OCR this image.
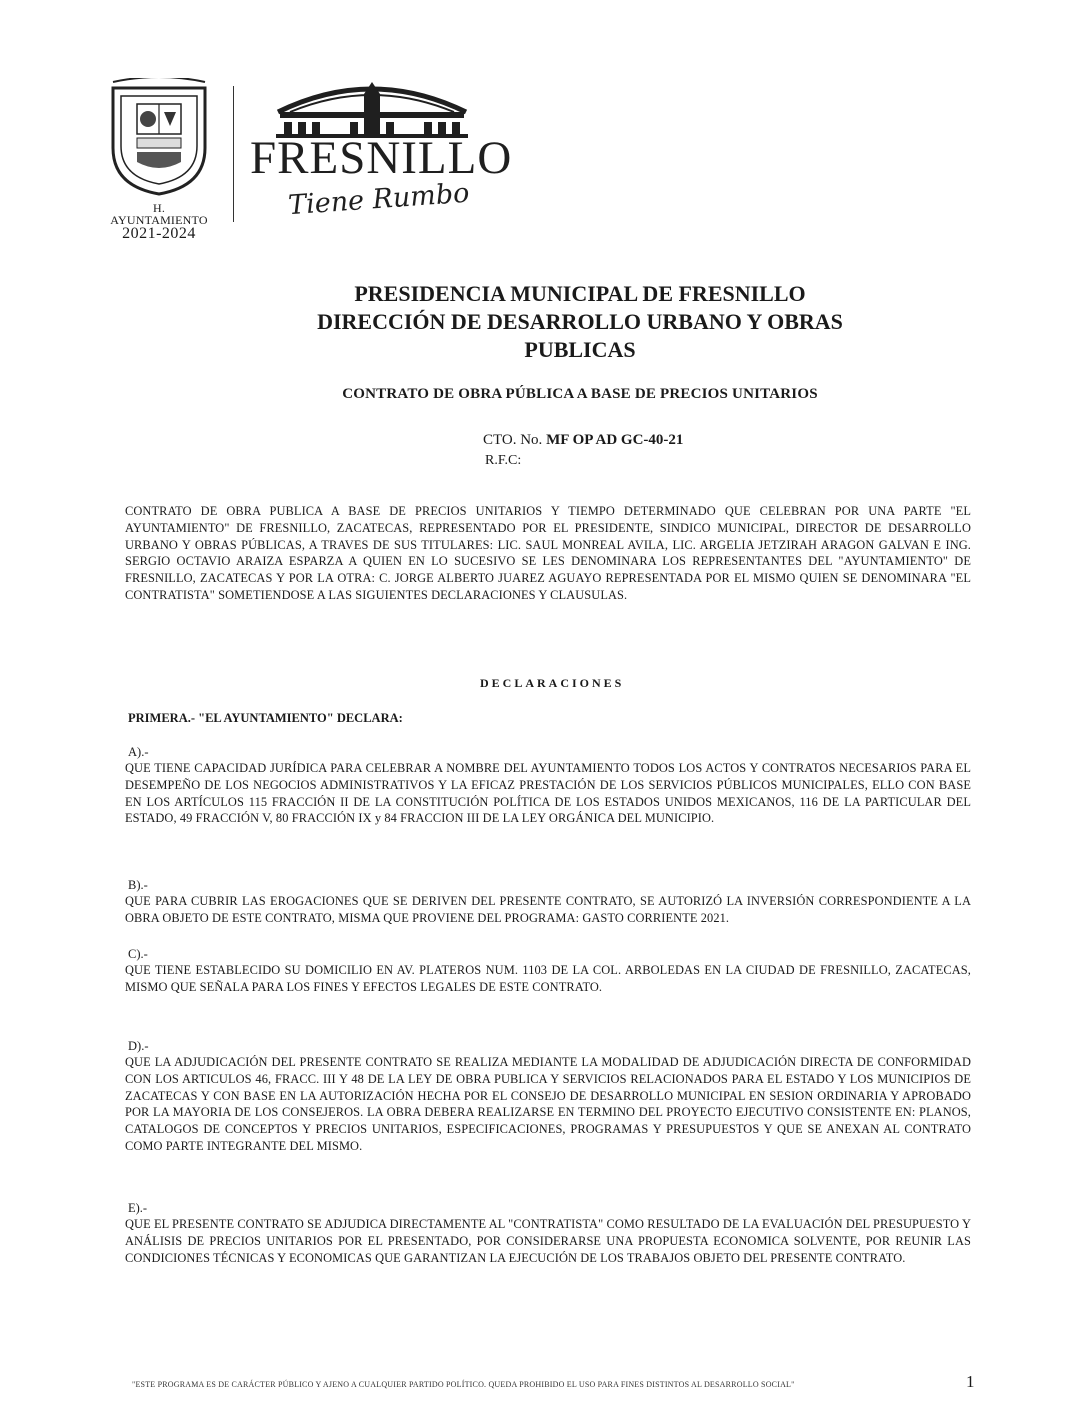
H. AYUNTAMIENTO
2021-2024
FRESNILLO
Tiene Rumbo
PRESIDENCIA MUNICIPAL DE FRESNILLO
DIRECCIÓN DE DESARROLLO URBANO Y OBRAS
PUBLICAS
CONTRATO DE OBRA PÚBLICA A BASE DE PRECIOS UNITARIOS
CTO. No. MF OP AD GC-40-21
R.F.C:
CONTRATO DE OBRA PUBLICA A BASE DE PRECIOS UNITARIOS Y TIEMPO DETERMINADO QUE CELEBRAN POR UNA PARTE "EL AYUNTAMIENTO" DE FRESNILLO, ZACATECAS, REPRESENTADO POR EL PRESIDENTE, SINDICO MUNICIPAL, DIRECTOR DE DESARROLLO URBANO Y OBRAS PÚBLICAS, A TRAVES DE SUS TITULARES: LIC. SAUL MONREAL AVILA, LIC. ARGELIA JETZIRAH ARAGON GALVAN E ING. SERGIO OCTAVIO ARAIZA ESPARZA A QUIEN EN LO SUCESIVO SE LES DENOMINARA LOS REPRESENTANTES DEL "AYUNTAMIENTO" DE FRESNILLO, ZACATECAS Y POR LA OTRA: C. JORGE ALBERTO JUAREZ AGUAYO REPRESENTADA POR EL MISMO QUIEN SE DENOMINARA "EL CONTRATISTA" SOMETIENDOSE A LAS SIGUIENTES DECLARACIONES Y CLAUSULAS.
DECLARACIONES
PRIMERA.- "EL AYUNTAMIENTO" DECLARA:
A).-
QUE TIENE CAPACIDAD JURÍDICA PARA CELEBRAR A NOMBRE DEL AYUNTAMIENTO TODOS LOS ACTOS Y CONTRATOS NECESARIOS PARA EL DESEMPEÑO DE LOS NEGOCIOS ADMINISTRATIVOS Y LA EFICAZ PRESTACIÓN DE LOS SERVICIOS PÚBLICOS MUNICIPALES, ELLO CON BASE EN LOS ARTÍCULOS 115 FRACCIÓN II DE LA CONSTITUCIÓN POLÍTICA DE LOS ESTADOS UNIDOS MEXICANOS, 116 DE LA PARTICULAR DEL ESTADO, 49 FRACCIÓN V, 80 FRACCIÓN IX y 84 FRACCION III DE LA LEY ORGÁNICA DEL MUNICIPIO.
B).-
QUE PARA CUBRIR LAS EROGACIONES QUE SE DERIVEN DEL PRESENTE CONTRATO, SE AUTORIZÓ LA INVERSIÓN CORRESPONDIENTE A LA OBRA OBJETO DE ESTE CONTRATO, MISMA QUE PROVIENE DEL PROGRAMA: GASTO CORRIENTE 2021.
C).-
QUE TIENE ESTABLECIDO SU DOMICILIO EN AV. PLATEROS NUM. 1103 DE LA COL. ARBOLEDAS EN LA CIUDAD DE FRESNILLO, ZACATECAS, MISMO QUE SEÑALA PARA LOS FINES Y EFECTOS LEGALES DE ESTE CONTRATO.
D).-
QUE LA ADJUDICACIÓN DEL PRESENTE CONTRATO SE REALIZA MEDIANTE LA MODALIDAD DE ADJUDICACIÓN DIRECTA DE CONFORMIDAD CON LOS ARTICULOS 46, FRACC. III Y 48 DE LA LEY DE OBRA PUBLICA Y SERVICIOS RELACIONADOS PARA EL ESTADO Y LOS MUNICIPIOS DE ZACATECAS Y CON BASE EN LA AUTORIZACIÓN HECHA POR EL CONSEJO DE DESARROLLO MUNICIPAL EN SESION ORDINARIA Y APROBADO POR LA MAYORIA DE LOS CONSEJEROS. LA OBRA DEBERA REALIZARSE EN TERMINO DEL PROYECTO EJECUTIVO CONSISTENTE EN: PLANOS, CATALOGOS DE CONCEPTOS Y PRECIOS UNITARIOS, ESPECIFICACIONES, PROGRAMAS Y PRESUPUESTOS Y QUE SE ANEXAN AL CONTRATO COMO PARTE INTEGRANTE DEL MISMO.
E).-
QUE EL PRESENTE CONTRATO SE ADJUDICA DIRECTAMENTE AL "CONTRATISTA" COMO RESULTADO DE LA EVALUACIÓN DEL PRESUPUESTO Y ANÁLISIS DE PRECIOS UNITARIOS POR EL PRESENTADO, POR CONSIDERARSE UNA PROPUESTA ECONOMICA SOLVENTE, POR REUNIR LAS CONDICIONES TÉCNICAS Y ECONOMICAS QUE GARANTIZAN LA EJECUCIÓN DE LOS TRABAJOS OBJETO DEL PRESENTE CONTRATO.
"ESTE PROGRAMA ES DE CARÁCTER PÚBLICO Y AJENO A CUALQUIER PARTIDO POLÍTICO. QUEDA PROHIBIDO EL USO PARA FINES DISTINTOS AL DESARROLLO SOCIAL"	1
